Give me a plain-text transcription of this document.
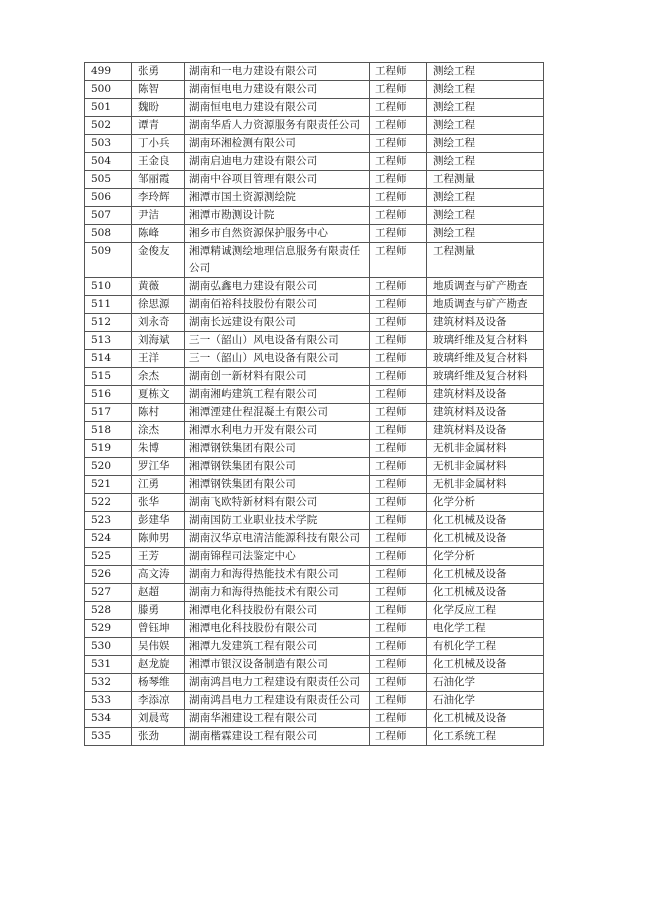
499	张勇	湖南和一电力建设有限公司	工程师	测绘工程
500	陈智	湖南恒电电力建设有限公司	工程师	测绘工程
501	魏盼	湖南恒电电力建设有限公司	工程师	测绘工程
502	谭青	湖南华盾人力资源服务有限责任公司	工程师	测绘工程
503	丁小兵	湖南环湘检测有限公司	工程师	测绘工程
504	王金良	湖南启迪电力建设有限公司	工程师	测绘工程
505	邹丽霞	湖南中谷项目管理有限公司	工程师	工程测量
506	李玲辉	湘潭市国土资源测绘院	工程师	测绘工程
507	尹洁	湘潭市勘测设计院	工程师	测绘工程
508	陈峰	湘乡市自然资源保护服务中心	工程师	测绘工程
509	金俊友	湘潭精诚测绘地理信息服务有限责任公司	工程师	工程测量
510	黄薇	湖南弘鑫电力建设有限公司	工程师	地质调查与矿产勘查
511	徐思源	湖南佰裕科技股份有限公司	工程师	地质调查与矿产勘查
512	刘永奇	湖南长远建设有限公司	工程师	建筑材料及设备
513	刘海斌	三一（韶山）风电设备有限公司	工程师	玻璃纤维及复合材料
514	王洋	三一（韶山）风电设备有限公司	工程师	玻璃纤维及复合材料
515	余杰	湖南创一新材料有限公司	工程师	玻璃纤维及复合材料
516	夏栋文	湖南湘屿建筑工程有限公司	工程师	建筑材料及设备
517	陈村	湘潭湮建仕程混凝土有限公司	工程师	建筑材料及设备
518	涂杰	湘潭水利电力开发有限公司	工程师	建筑材料及设备
519	朱博	湘潭钢铁集团有限公司	工程师	无机非金属材料
520	罗江华	湘潭钢铁集团有限公司	工程师	无机非金属材料
521	江勇	湘潭钢铁集团有限公司	工程师	无机非金属材料
522	张华	湖南飞欧特新材料有限公司	工程师	化学分析
523	彭建华	湖南国防工业职业技术学院	工程师	化工机械及设备
524	陈帅男	湖南汉华京电清洁能源科技有限公司	工程师	化工机械及设备
525	王芳	湖南锦程司法鉴定中心	工程师	化学分析
526	高文涛	湖南力和海得热能技术有限公司	工程师	化工机械及设备
527	赵超	湖南力和海得热能技术有限公司	工程师	化工机械及设备
528	滕勇	湘潭电化科技股份有限公司	工程师	化学反应工程
529	曾钰坤	湘潭电化科技股份有限公司	工程师	电化学工程
530	吴伟娱	湘潭九发建筑工程有限公司	工程师	有机化学工程
531	赵龙旋	湘潭市银汉设备制造有限公司	工程师	化工机械及设备
532	杨琴维	湖南鸿昌电力工程建设有限责任公司	工程师	石油化学
533	李添凉	湖南鸿昌电力工程建设有限责任公司	工程师	石油化学
534	刘晨莺	湖南华湘建设工程有限公司	工程师	化工机械及设备
535	张劲	湖南楷霖建设工程有限公司	工程师	化工系统工程
